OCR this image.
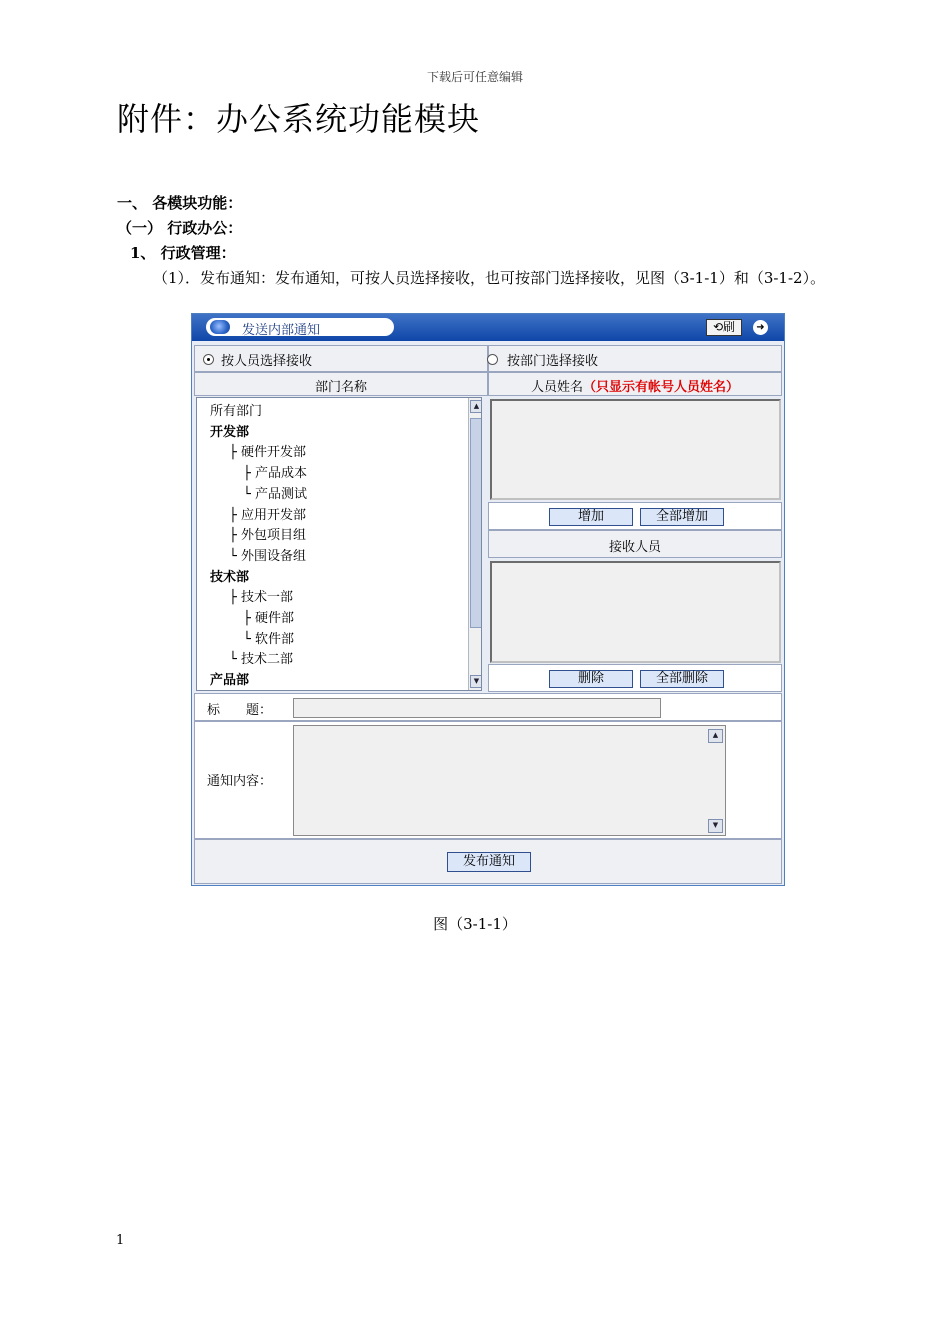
下载后可任意编辑
附件：办公系统功能模块
一、 各模块功能：
（一） 行政办公：
1、 行政管理：
（1）．发布通知：发布通知，可按人员选择接收，也可按部门选择接收，见图（3-1-1）和（3-1-2）。
发送内部通知	⟲刷	➜
按人员选择接收	按部门选择接收
部门名称	人员姓名（只显示有帐号人员姓名）
所有部门
开发部
├ 硬件开发部
├ 产品成本
└ 产品测试
├ 应用开发部
├ 外包项目组
└ 外围设备组
技术部
├ 技术一部
├ 硬件部
└ 软件部
└ 技术二部
产品部
▲
▼
增加	全部增加
接收人员
删除	全部删除
标　　题：
通知内容：
▲
▼
发布通知
图（3-1-1）
1
